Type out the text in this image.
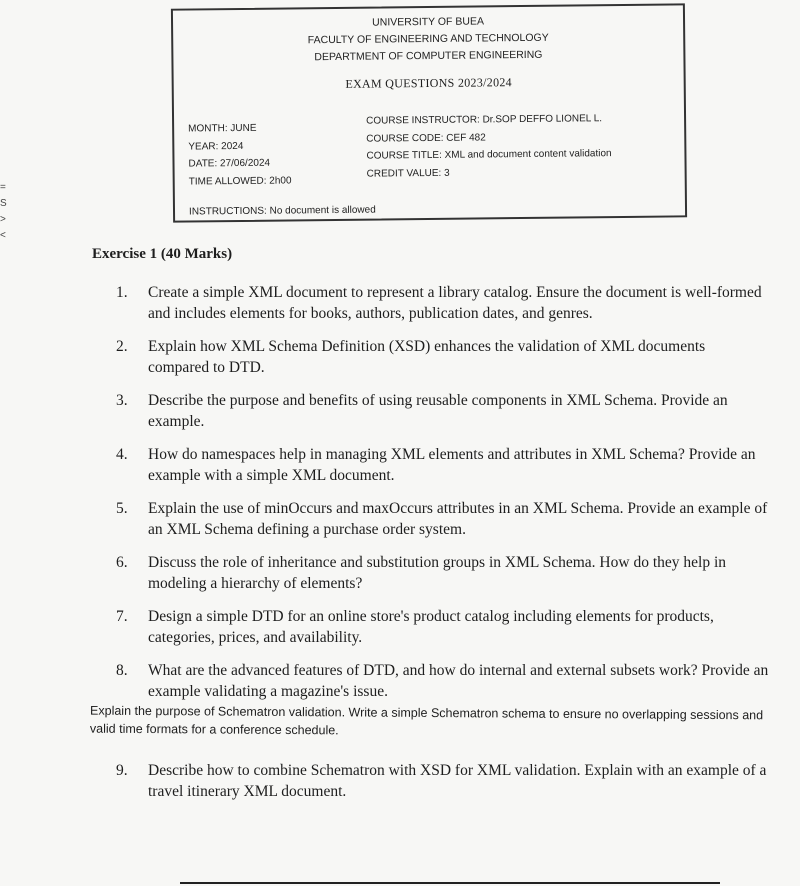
=
S
>
<
UNIVERSITY OF BUEA
FACULTY OF ENGINEERING AND TECHNOLOGY
DEPARTMENT OF COMPUTER ENGINEERING
EXAM QUESTIONS 2023/2024
MONTH: JUNE
YEAR: 2024
DATE: 27/06/2024
TIME ALLOWED: 2h00
COURSE INSTRUCTOR: Dr.SOP DEFFO LIONEL L.
COURSE CODE: CEF 482
COURSE TITLE: XML and document content validation
CREDIT VALUE: 3
INSTRUCTIONS: No document is allowed
Exercise 1 (40 Marks)
1.	Create a simple XML document to represent a library catalog. Ensure the document is well-formed and includes elements for books, authors, publication dates, and genres.
2.	Explain how XML Schema Definition (XSD) enhances the validation of XML documents compared to DTD.
3.	Describe the purpose and benefits of using reusable components in XML Schema. Provide an example.
4.	How do namespaces help in managing XML elements and attributes in XML Schema? Provide an example with a simple XML document.
5.	Explain the use of minOccurs and maxOccurs attributes in an XML Schema. Provide an example of an XML Schema defining a purchase order system.
6.	Discuss the role of inheritance and substitution groups in XML Schema. How do they help in modeling a hierarchy of elements?
7.	Design a simple DTD for an online store's product catalog including elements for products, categories, prices, and availability.
8.	What are the advanced features of DTD, and how do internal and external subsets work? Provide an example validating a magazine's issue.
Explain the purpose of Schematron validation. Write a simple Schematron schema to ensure no overlapping sessions and valid time formats for a conference schedule.
9.	Describe how to combine Schematron with XSD for XML validation. Explain with an example of a travel itinerary XML document.
